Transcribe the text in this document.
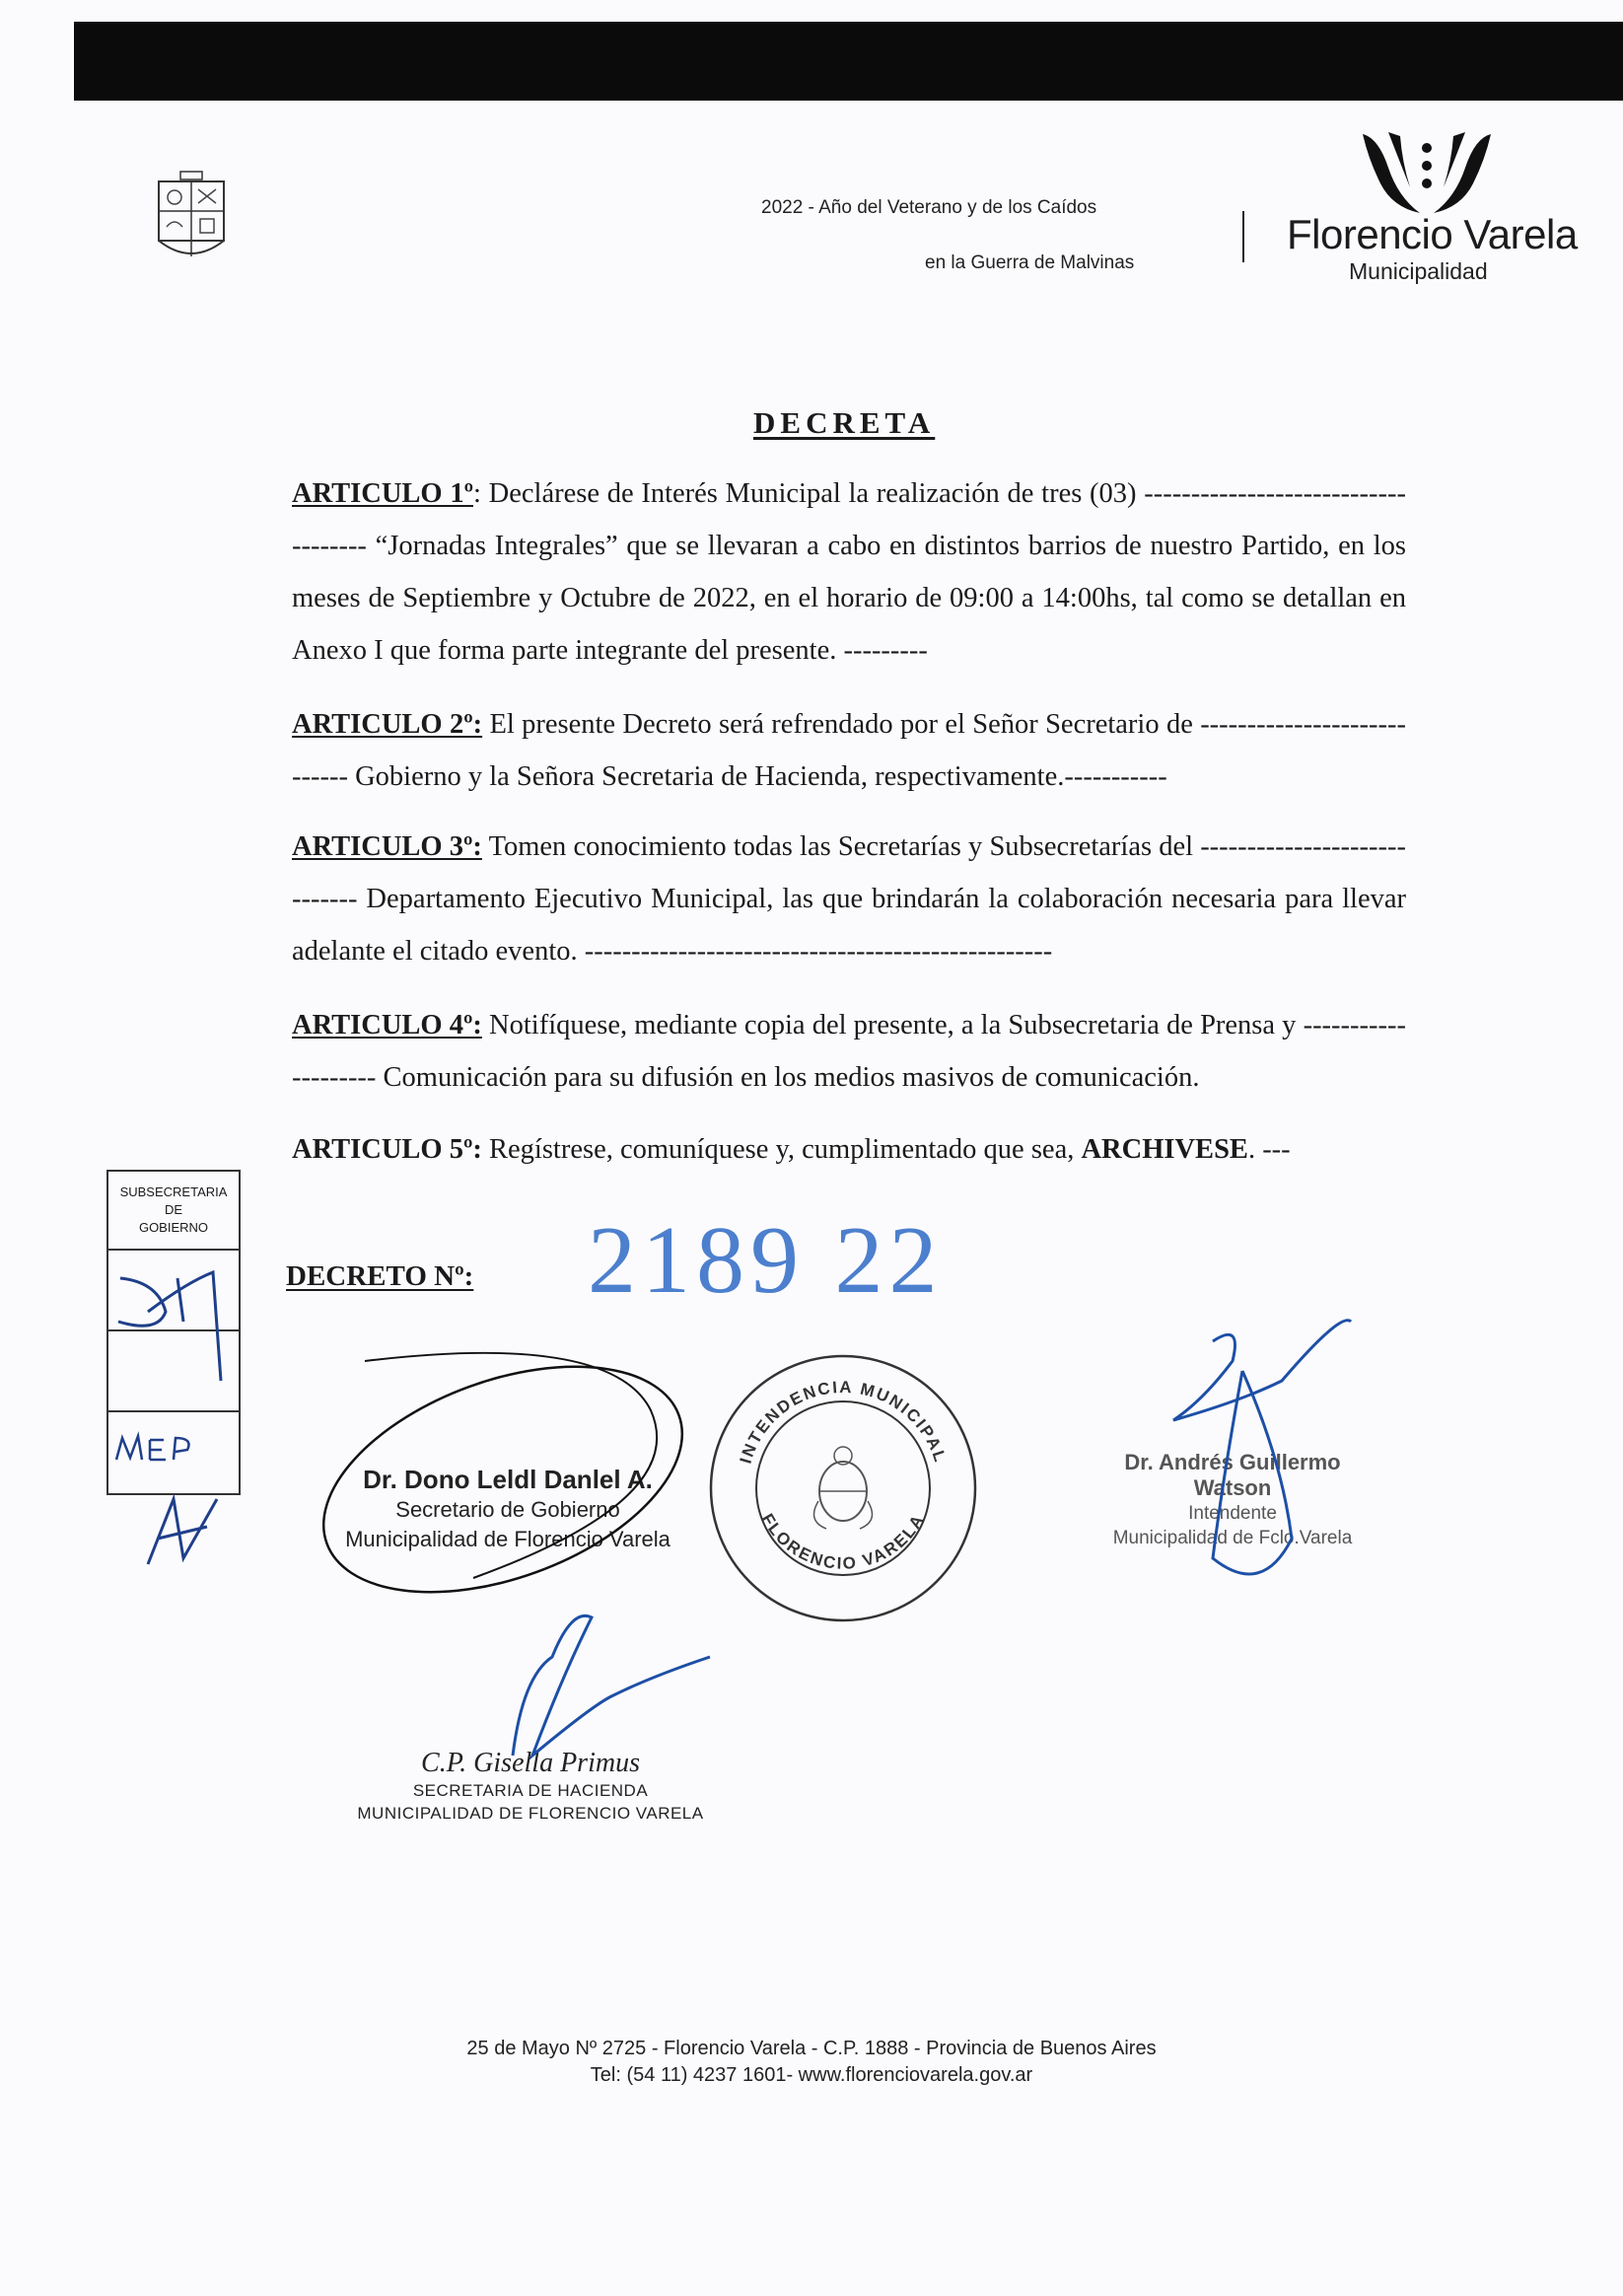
2022 - Año del Veterano y de los Caídos
en la Guerra de Malvinas
Florencio Varela
Municipalidad
DECRETA
ARTICULO 1º: Declárese de Interés Municipal la realización de tres (03) ------------------------------------ “Jornadas Integrales” que se llevaran a cabo en distintos barrios de nuestro Partido, en los meses de Septiembre y Octubre de 2022, en el horario de 09:00 a 14:00hs, tal como se detallan en Anexo I que forma parte integrante del presente. ---------
ARTICULO 2º: El presente Decreto será refrendado por el Señor Secretario de ---------------------------- Gobierno y la Señora Secretaria de Hacienda, respectivamente.-----------
ARTICULO 3º: Tomen conocimiento todas las Secretarías y Subsecretarías del ----------------------------- Departamento Ejecutivo Municipal, las que brindarán la colaboración necesaria para llevar adelante el citado evento. --------------------------------------------------
ARTICULO 4º: Notifíquese, mediante copia del presente, a la Subsecretaria de Prensa y -------------------- Comunicación para su difusión en los medios masivos de comunicación.
ARTICULO 5º: Regístrese, comuníquese y, cumplimentado que sea, ARCHIVESE. ---
SUBSECRETARIA
DE
GOBIERNO
DECRETO Nº: 2189 22
INTENDENCIA MUNICIPAL
FLORENCIO VARELA
Dr. Dono Leldl Danlel A.
Secretario de Gobierno
Municipalidad de Florencio Varela
Dr. Andrés Guillermo Watson
Intendente
Municipalidad de Fclo.Varela
C.P. Gisella Primus
SECRETARIA DE HACIENDA
MUNICIPALIDAD DE FLORENCIO VARELA
25 de Mayo Nº 2725 - Florencio Varela - C.P. 1888 - Provincia de Buenos Aires
Tel: (54 11) 4237 1601- www.florenciovarela.gov.ar
